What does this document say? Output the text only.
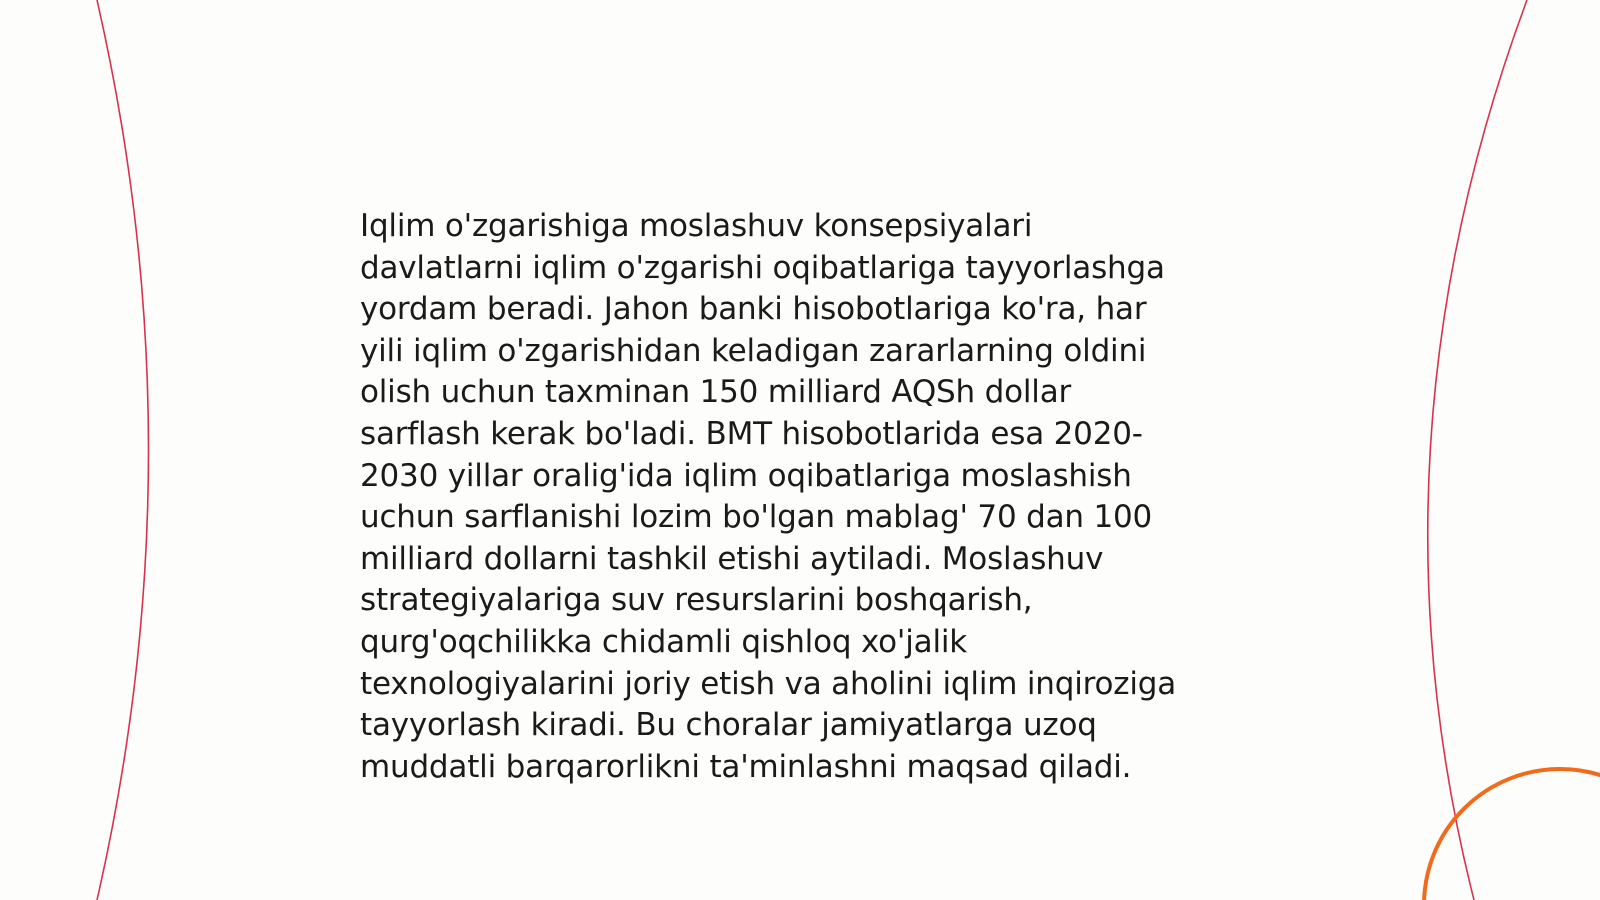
Iqlim o'zgarishiga moslashuv konsepsiyalari
davlatlarni iqlim o'zgarishi oqibatlariga tayyorlashga
yordam beradi. Jahon banki hisobotlariga ko'ra, har
yili iqlim o'zgarishidan keladigan zararlarning oldini
olish uchun taxminan 150 milliard AQSh dollar
sarflash kerak bo'ladi. BMT hisobotlarida esa 2020-
2030 yillar oralig'ida iqlim oqibatlariga moslashish
uchun sarflanishi lozim bo'lgan mablag' 70 dan 100
milliard dollarni tashkil etishi aytiladi. Moslashuv
strategiyalariga suv resurslarini boshqarish,
qurg'oqchilikka chidamli qishloq xo'jalik
texnologiyalarini joriy etish va aholini iqlim inqiroziga
tayyorlash kiradi. Bu choralar jamiyatlarga uzoq
muddatli barqarorlikni ta'minlashni maqsad qiladi.
